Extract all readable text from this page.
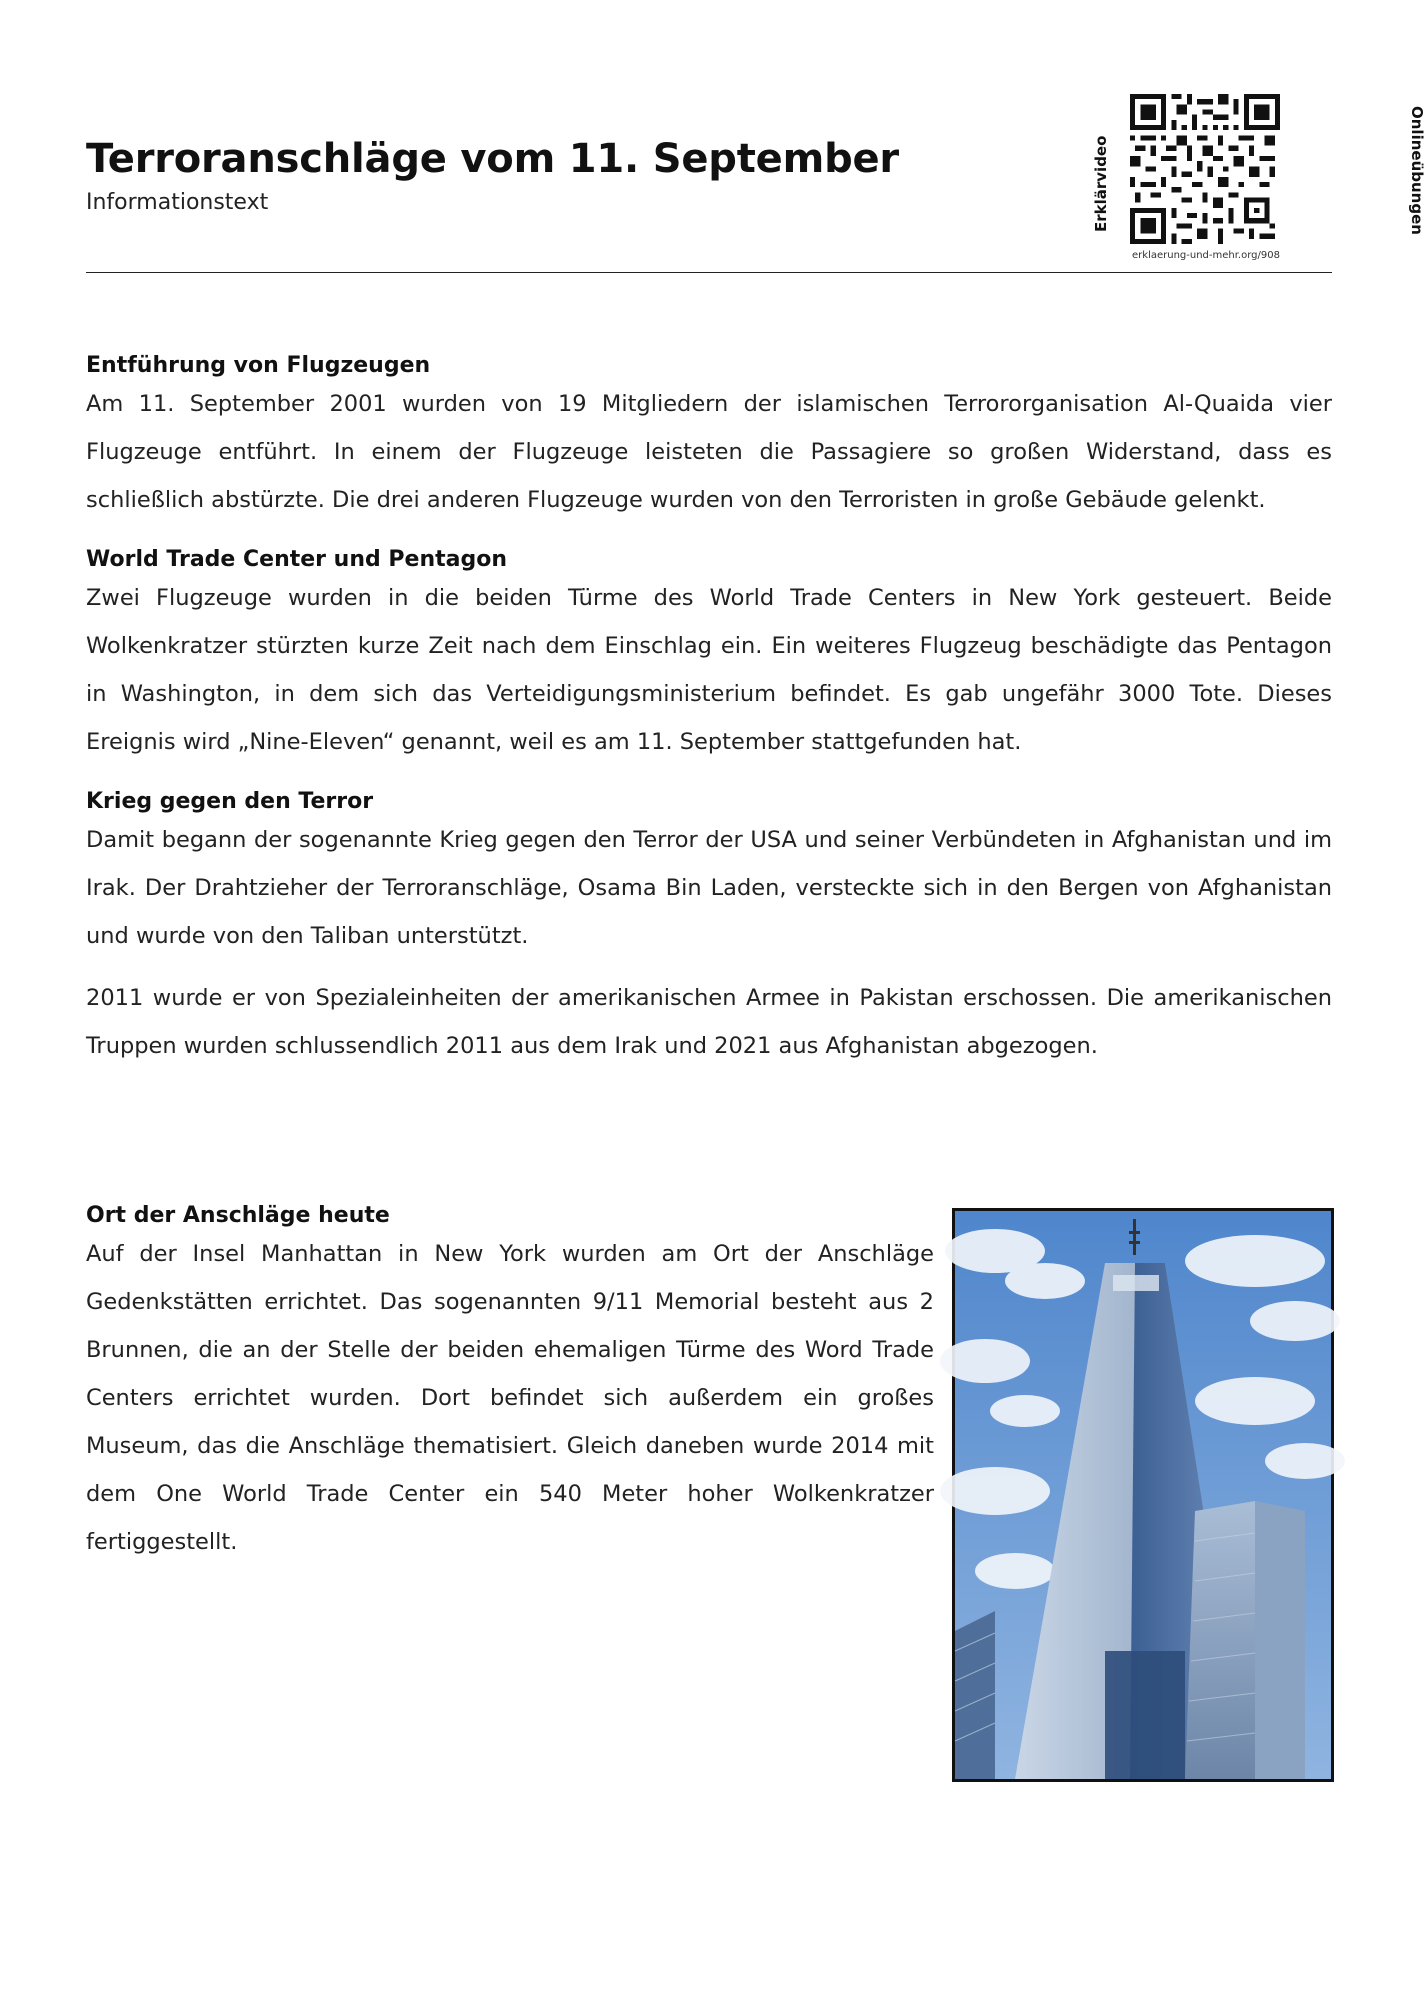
Terroranschläge vom 11. September
Informationstext	Erklärvideo
erklaerung-und-mehr.org/908
Onlineübungen
Entführung von Flugzeugen

Am 11. September 2001 wurden von 19 Mitgliedern der islamischen Terrororganisation Al-Quaida vier Flugzeuge entführt. In einem der Flugzeuge leisteten die Passagiere so großen Widerstand, dass es schließlich abstürzte. Die drei anderen Flugzeuge wurden von den Terroristen in große Gebäude gelenkt.

World Trade Center und Pentagon

Zwei Flugzeuge wurden in die beiden Türme des World Trade Centers in New York gesteuert. Beide Wolkenkratzer stürzten kurze Zeit nach dem Einschlag ein. Ein weiteres Flugzeug beschädigte das Pentagon in Washington, in dem sich das Verteidigungsministerium befindet. Es gab ungefähr 3000 Tote. Dieses Ereignis wird „Nine-Eleven“ genannt, weil es am 11. September stattgefunden hat.

Krieg gegen den Terror

Damit begann der sogenannte Krieg gegen den Terror der USA und seiner Verbündeten in Afghanistan und im Irak. Der Drahtzieher der Terroranschläge, Osama Bin Laden, versteckte sich in den Bergen von Afghanistan und wurde von den Taliban unterstützt.

2011 wurde er von Spezialeinheiten der amerikanischen Armee in Pakistan erschossen. Die amerikanischen Truppen wurden schlussendlich 2011 aus dem Irak und 2021 aus Afghanistan abgezogen.

Ort der Anschläge heute

Auf der Insel Manhattan in New York wurden am Ort der Anschläge Gedenkstätten errichtet. Das sogenannten 9/11 Memorial besteht aus 2 Brunnen, die an der Stelle der beiden ehemaligen Türme des Word Trade Centers errichtet wurden. Dort befindet sich außerdem ein großes Museum, das die Anschläge thematisiert. Gleich daneben wurde 2014 mit dem One World Trade Center ein 540 Meter hoher Wolkenkratzer fertiggestellt.
